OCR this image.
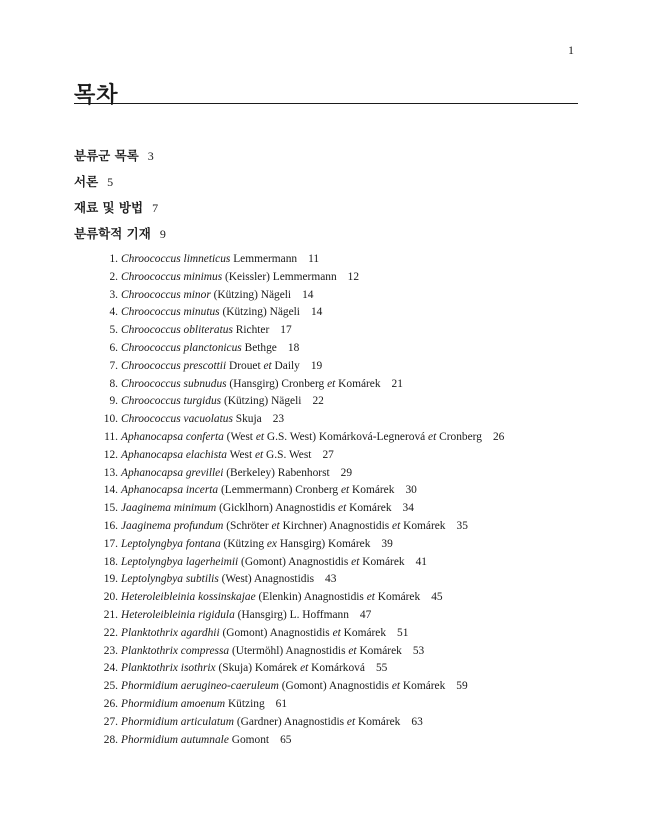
1
목차
분류군 목록 3
서론 5
재료 및 방법 7
분류학적 기재 9
1. Chroococcus limneticus Lemmermann 11
2. Chroococcus minimus (Keissler) Lemmermann 12
3. Chroococcus minor (Kützing) Nägeli 14
4. Chroococcus minutus (Kützing) Nägeli 14
5. Chroococcus obliteratus Richter 17
6. Chroococcus planctonicus Bethge 18
7. Chroococcus prescottii Drouet et Daily 19
8. Chroococcus subnudus (Hansgirg) Cronberg et Komárek 21
9. Chroococcus turgidus (Kützing) Nägeli 22
10. Chroococcus vacuolatus Skuja 23
11. Aphanocapsa conferta (West et G.S. West) Komárková-Legnerová et Cronberg 26
12. Aphanocapsa elachista West et G.S. West 27
13. Aphanocapsa grevillei (Berkeley) Rabenhorst 29
14. Aphanocapsa incerta (Lemmermann) Cronberg et Komárek 30
15. Jaaginema minimum (Gicklhorn) Anagnostidis et Komárek 34
16. Jaaginema profundum (Schröter et Kirchner) Anagnostidis et Komárek 35
17. Leptolyngbya fontana (Kützing ex Hansgirg) Komárek 39
18. Leptolyngbya lagerheimii (Gomont) Anagnostidis et Komárek 41
19. Leptolyngbya subtilis (West) Anagnostidis 43
20. Heteroleibleinia kossinskajae (Elenkin) Anagnostidis et Komárek 45
21. Heteroleibleinia rigidula (Hansgirg) L. Hoffmann 47
22. Planktothrix agardhii (Gomont) Anagnostidis et Komárek 51
23. Planktothrix compressa (Utermöhl) Anagnostidis et Komárek 53
24. Planktothrix isothrix (Skuja) Komárek et Komárková 55
25. Phormidium aerugineo-caeruleum (Gomont) Anagnostidis et Komárek 59
26. Phormidium amoenum Kützing 61
27. Phormidium articulatum (Gardner) Anagnostidis et Komárek 63
28. Phormidium autumnale Gomont 65
